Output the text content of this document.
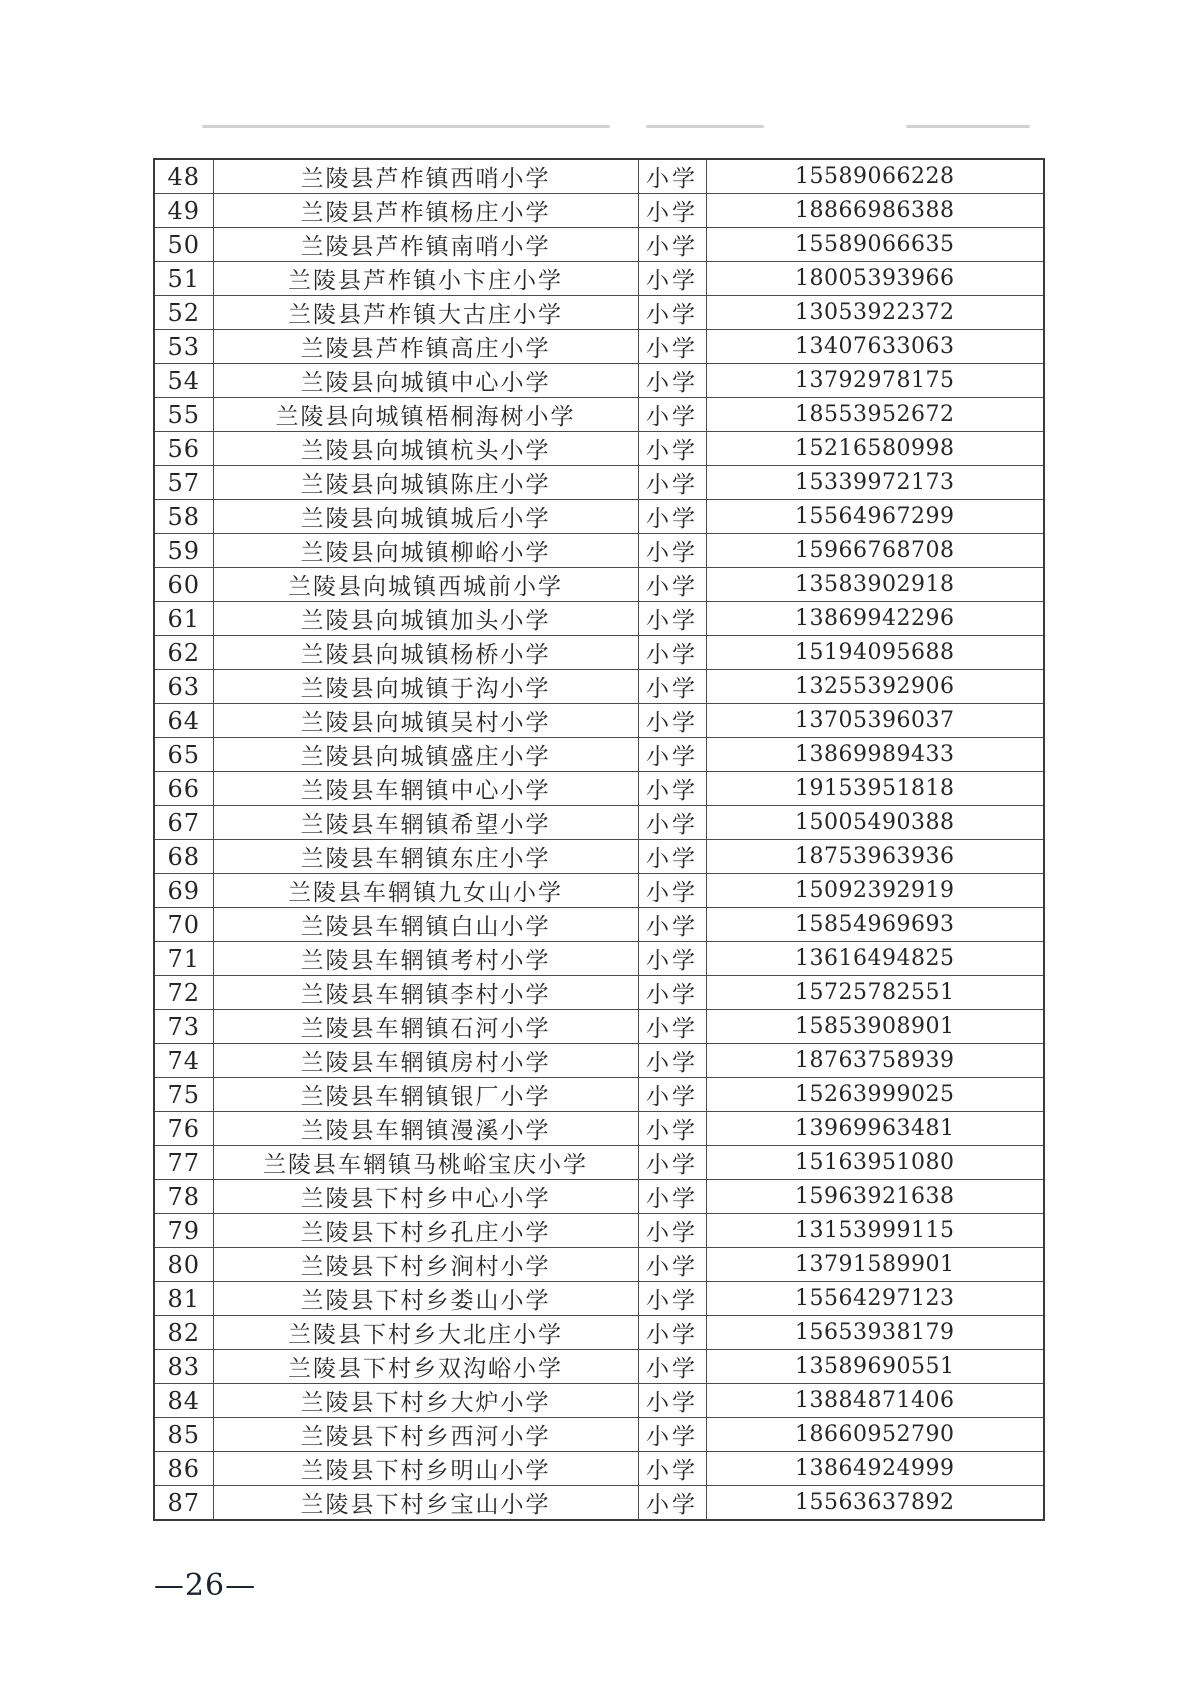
48	兰陵县芦柞镇西哨小学	小学	15589066228
49	兰陵县芦柞镇杨庄小学	小学	18866986388
50	兰陵县芦柞镇南哨小学	小学	15589066635
51	兰陵县芦柞镇小卞庄小学	小学	18005393966
52	兰陵县芦柞镇大古庄小学	小学	13053922372
53	兰陵县芦柞镇高庄小学	小学	13407633063
54	兰陵县向城镇中心小学	小学	13792978175
55	兰陵县向城镇梧桐海树小学	小学	18553952672
56	兰陵县向城镇杭头小学	小学	15216580998
57	兰陵县向城镇陈庄小学	小学	15339972173
58	兰陵县向城镇城后小学	小学	15564967299
59	兰陵县向城镇柳峪小学	小学	15966768708
60	兰陵县向城镇西城前小学	小学	13583902918
61	兰陵县向城镇加头小学	小学	13869942296
62	兰陵县向城镇杨桥小学	小学	15194095688
63	兰陵县向城镇于沟小学	小学	13255392906
64	兰陵县向城镇吴村小学	小学	13705396037
65	兰陵县向城镇盛庄小学	小学	13869989433
66	兰陵县车辋镇中心小学	小学	19153951818
67	兰陵县车辋镇希望小学	小学	15005490388
68	兰陵县车辋镇东庄小学	小学	18753963936
69	兰陵县车辋镇九女山小学	小学	15092392919
70	兰陵县车辋镇白山小学	小学	15854969693
71	兰陵县车辋镇考村小学	小学	13616494825
72	兰陵县车辋镇李村小学	小学	15725782551
73	兰陵县车辋镇石河小学	小学	15853908901
74	兰陵县车辋镇房村小学	小学	18763758939
75	兰陵县车辋镇银厂小学	小学	15263999025
76	兰陵县车辋镇漫溪小学	小学	13969963481
77	兰陵县车辋镇马桃峪宝庆小学	小学	15163951080
78	兰陵县下村乡中心小学	小学	15963921638
79	兰陵县下村乡孔庄小学	小学	13153999115
80	兰陵县下村乡涧村小学	小学	13791589901
81	兰陵县下村乡娄山小学	小学	15564297123
82	兰陵县下村乡大北庄小学	小学	15653938179
83	兰陵县下村乡双沟峪小学	小学	13589690551
84	兰陵县下村乡大炉小学	小学	13884871406
85	兰陵县下村乡西河小学	小学	18660952790
86	兰陵县下村乡明山小学	小学	13864924999
87	兰陵县下村乡宝山小学	小学	15563637892
—26—
